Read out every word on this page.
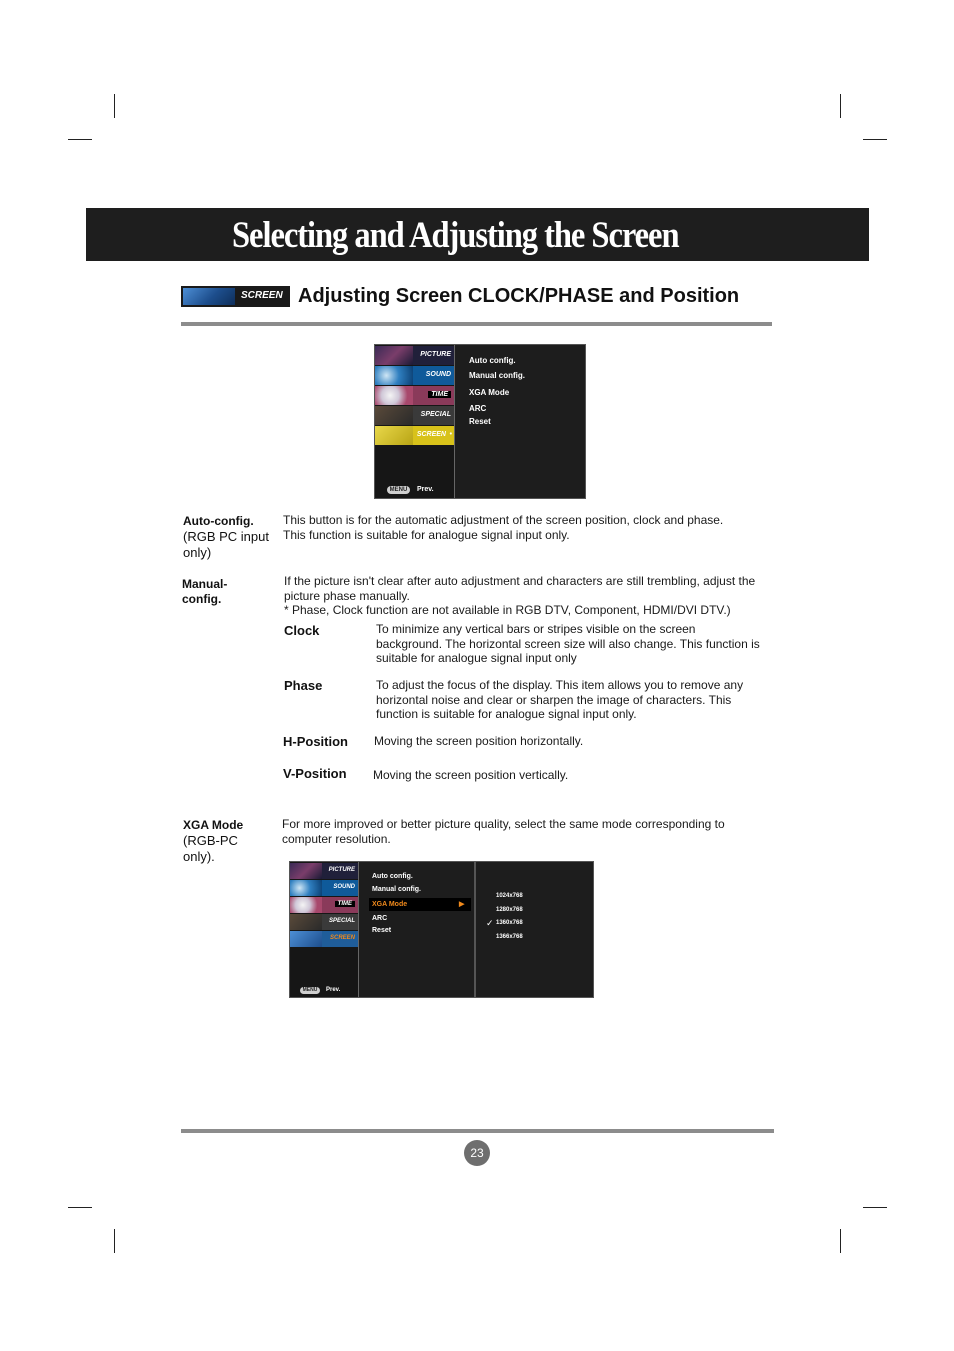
Selecting and Adjusting the Screen
SCREEN Adjusting Screen CLOCK/PHASE and Position
PICTURE
SOUND
TIME
SPECIAL
SCREEN •
MENU	Prev.
Auto config.
Manual config.
XGA Mode
ARC
Reset
Auto-config.
(RGB PC input only)
This button is for the automatic adjustment of the screen position, clock and phase. This function is suitable for analogue signal input only.
Manual-config.
If the picture isn't clear after auto adjustment and characters are still trembling, adjust the picture phase manually.
* Phase, Clock function are not available in RGB DTV, Component, HDMI/DVI DTV.)
Clock	To minimize any vertical bars or stripes visible on the screen background. The horizontal screen size will also change. This function is suitable for analogue signal input only
Phase	To adjust the focus of the display. This item allows you to remove any horizontal noise and clear or sharpen the image of characters. This function is suitable for analogue signal input only.
H-Position Moving the screen position horizontally.
V-Position Moving the screen position vertically.
XGA Mode
(RGB-PC only).
For more improved or better picture quality, select the same mode corresponding to computer resolution.
PICTURE
SOUND
TIME
SPECIAL
SCREEN
MENU	Prev.
Auto config.
Manual config.
XGA Mode	▶
ARC
Reset
1024x768
1280x768
✓ 1360x768
1366x768
23
